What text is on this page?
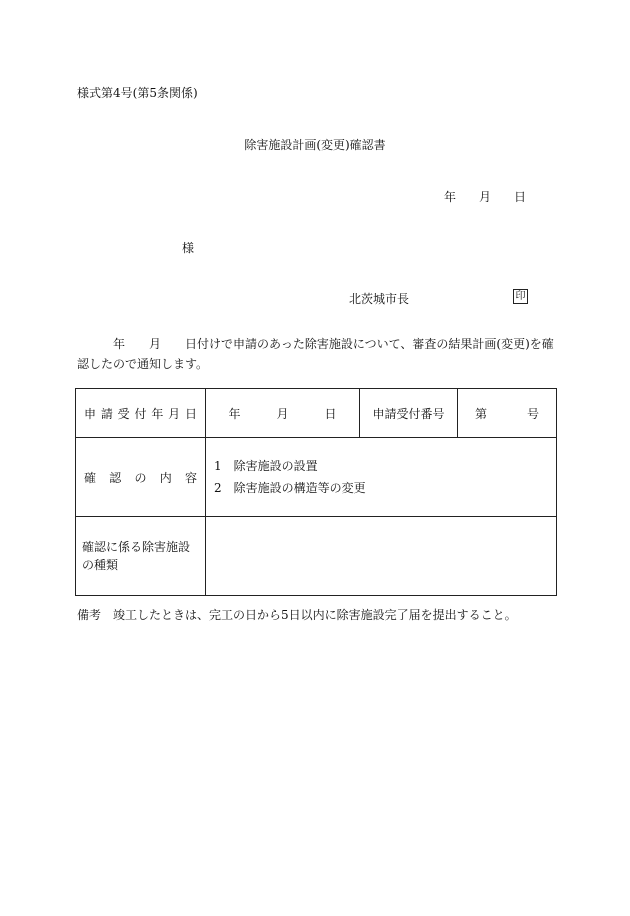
様式第4号(第5条関係)
除害施設計画(変更)確認書
年 月 日
様
北茨城市長	印
年　　月　　日付けで申請のあった除害施設について、審査の結果計画(変更)を確認したので通知します。
申請受付年月日	年 月 日	申請受付番号	第 号
確認の内容	1　除害施設の設置
2　除害施設の構造等の変更		

確認に係る除害施設の種類			
備考　竣工したときは、完工の日から5日以内に除害施設完了届を提出すること。
